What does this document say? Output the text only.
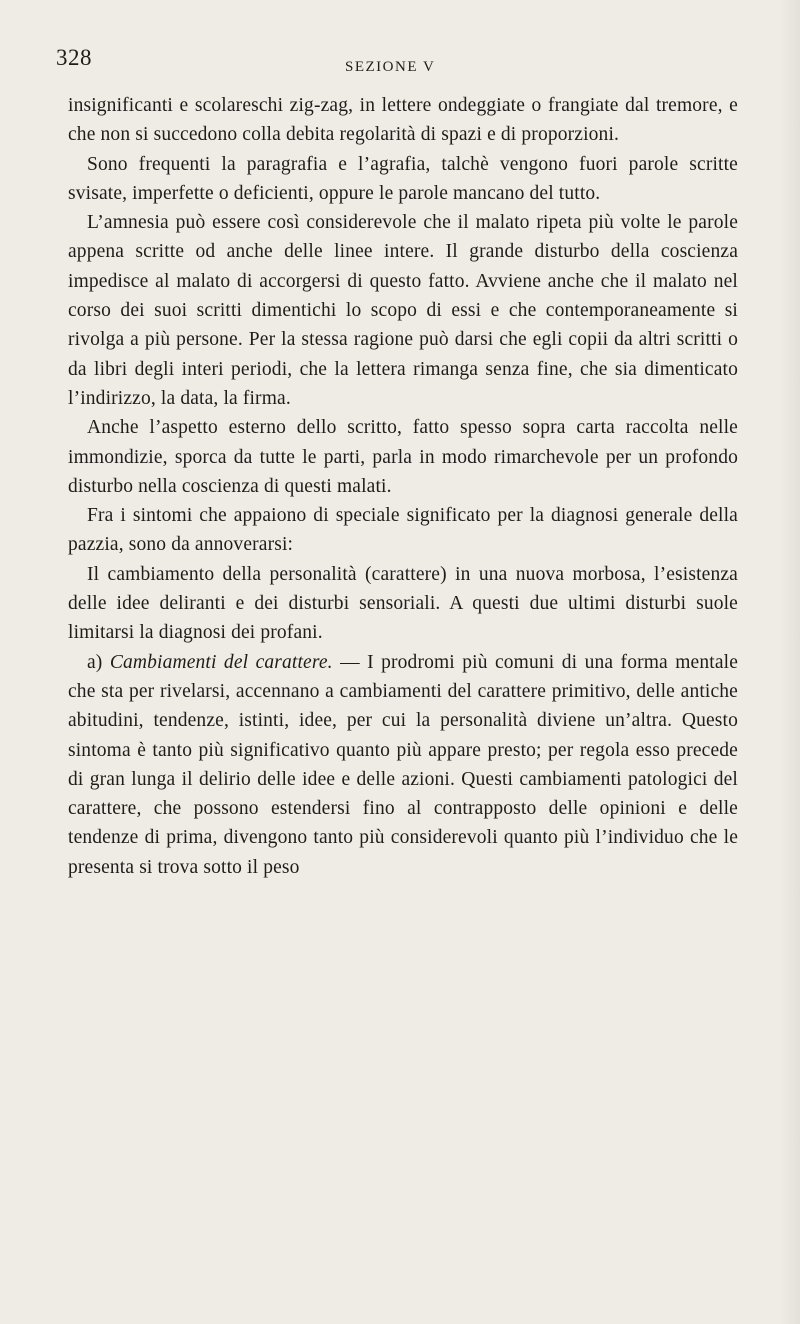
328	SEZIONE V

insignificanti e scolareschi zig-zag, in lettere ondeggiate o frangiate dal tremore, e che non si succedono colla debita regolarità di spazi e di proporzioni.

Sono frequenti la paragrafia e l’agrafia, talchè vengono fuori parole scritte svisate, imperfette o deficienti, oppure le parole mancano del tutto.

L’amnesia può essere così considerevole che il malato ripeta più volte le parole appena scritte od anche delle linee intere. Il grande disturbo della coscienza impedisce al malato di accorgersi di questo fatto. Avviene anche che il malato nel corso dei suoi scritti dimentichi lo scopo di essi e che contemporaneamente si rivolga a più persone. Per la stessa ragione può darsi che egli copii da altri scritti o da libri degli interi periodi, che la lettera rimanga senza fine, che sia dimenticato l’indirizzo, la data, la firma.

Anche l’aspetto esterno dello scritto, fatto spesso sopra carta raccolta nelle immondizie, sporca da tutte le parti, parla in modo rimarchevole per un profondo disturbo nella coscienza di questi malati.

Fra i sintomi che appaiono di speciale significato per la diagnosi generale della pazzia, sono da annoverarsi:

Il cambiamento della personalità (carattere) in una nuova morbosa, l’esistenza delle idee deliranti e dei disturbi sensoriali. A questi due ultimi disturbi suole limitarsi la diagnosi dei profani.

a) Cambiamenti del carattere. — I prodromi più comuni di una forma mentale che sta per rivelarsi, accennano a cambiamenti del carattere primitivo, delle antiche abitudini, tendenze, istinti, idee, per cui la personalità diviene un’altra. Questo sintoma è tanto più significativo quanto più appare presto; per regola esso precede di gran lunga il delirio delle idee e delle azioni. Questi cambiamenti patologici del carattere, che possono estendersi fino al contrapposto delle opinioni e delle tendenze di prima, divengono tanto più considerevoli quanto più l’individuo che le presenta si trova sotto il peso
